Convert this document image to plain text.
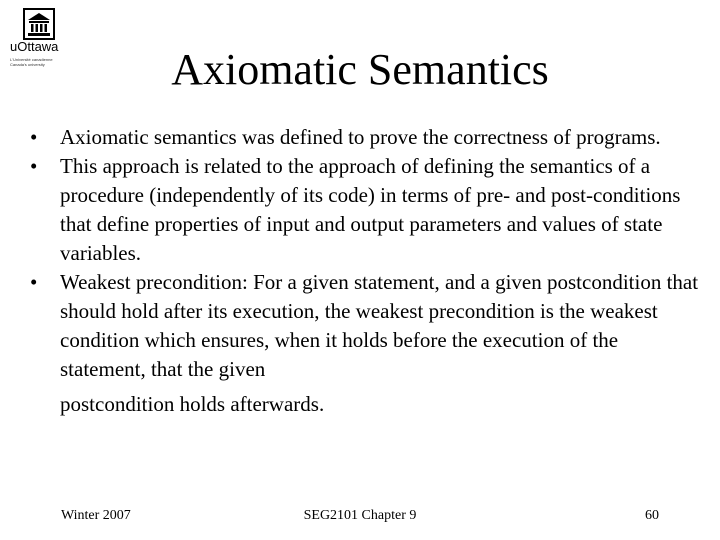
uOttawa
L'Université canadienne
Canada's university	Axiomatic Semantics
•	Axiomatic semantics was defined to prove the correctness of programs.
•	This approach is related to the approach of defining the semantics of a procedure (independently of its code) in terms of pre- and post-conditions that define properties of input and output parameters and values of state variables.
•	Weakest precondition: For a given statement, and a given postcondition that should hold after its execution, the weakest precondition is the weakest condition which ensures, when it holds before the execution of the statement, that the given
postcondition holds afterwards.
Winter 2007	SEG2101 Chapter 9	60
